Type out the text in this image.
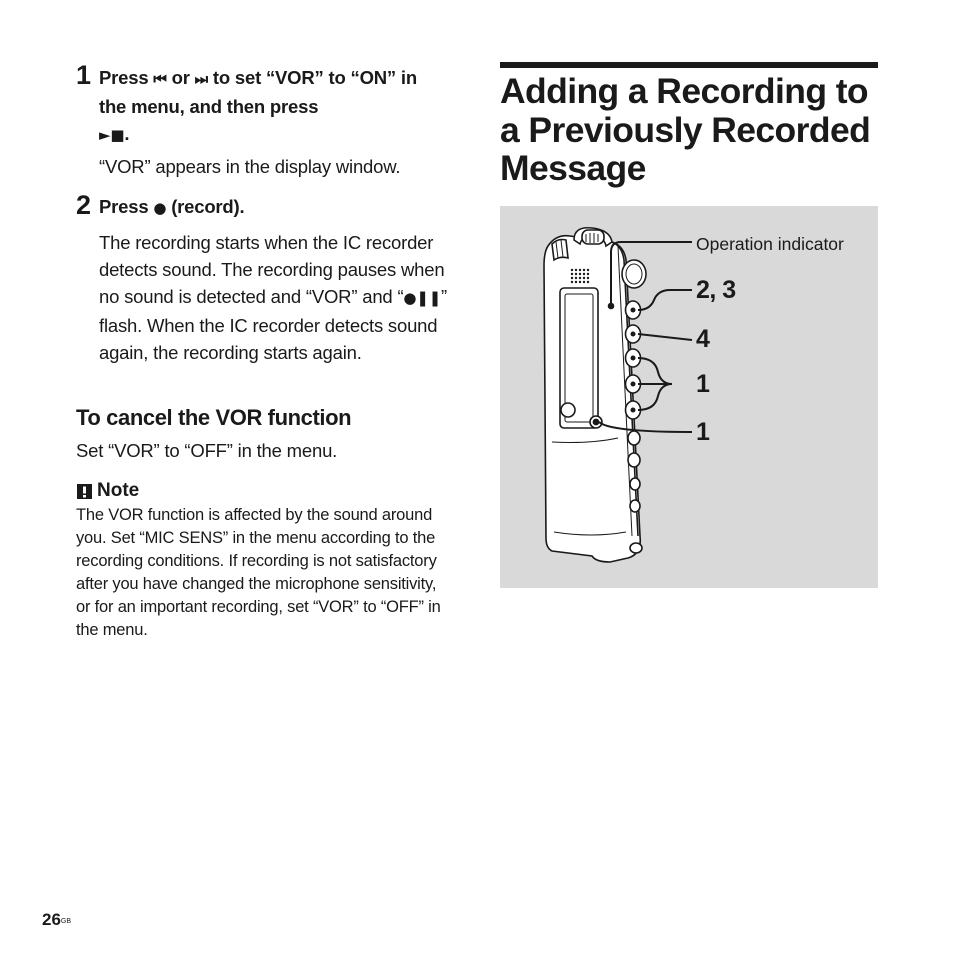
1 Press ⏮ or ⏭ to set “VOR” to “ON” in the menu, and then press
►■.
“VOR” appears in the display window.
2 Press ● (record).
The recording starts when the IC recorder detects sound. The recording pauses when no sound is detected and “VOR” and “●❚❚” flash. When the IC recorder detects sound again, the recording starts again.
To cancel the VOR function
Set “VOR” to “OFF” in the menu.
Note
The VOR function is affected by the sound around you. Set “MIC SENS” in the menu according to the recording conditions. If recording is not satisfactory after you have changed the microphone sensitivity, or for an important recording, set “VOR” to “OFF” in the menu.
Adding a Recording to a Previously Recorded Message
Operation indicator
2, 3
4
1
1
$26^{GB}$
